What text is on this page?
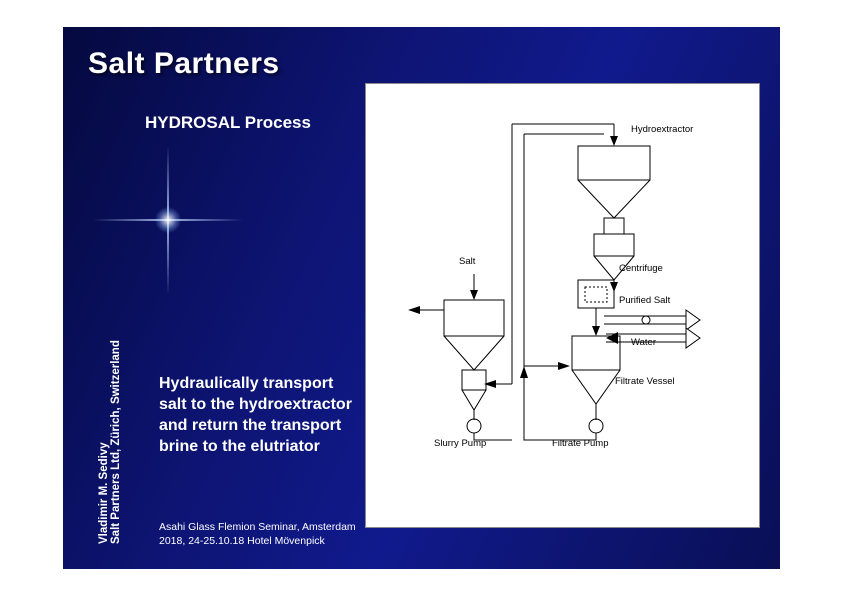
Salt Partners
HYDROSAL Process
Hydraulically transport salt to the hydroextractor and return the transport brine to the elutriator
Asahi Glass Flemion Seminar, Amsterdam
2018, 24-25.10.18 Hotel Mövenpick
Vladimir M. Sedivy Salt Partners Ltd, Zürich, Switzerland
Hydroextractor
Salt
Centrifuge
Purified Salt
Water
Filtrate Vessel
Slurry Pump	Filtrate Pump
